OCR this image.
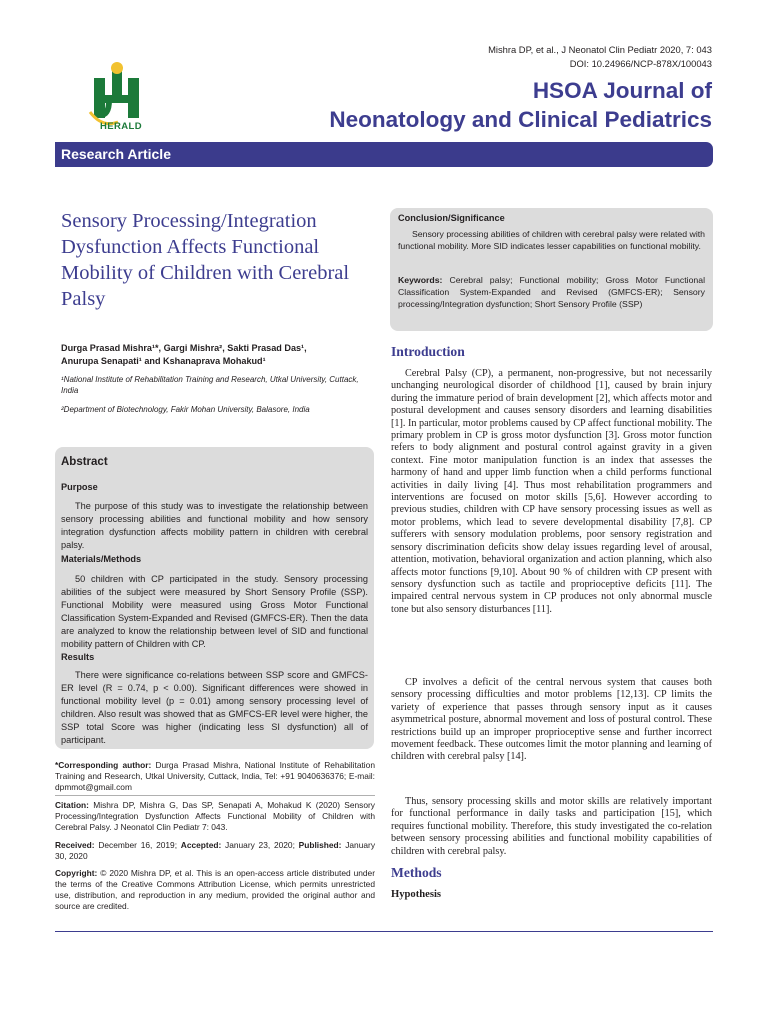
Mishra DP, et al., J Neonatol Clin Pediatr 2020, 7: 043
DOI: 10.24966/NCP-878X/100043
HERALD
HSOA Journal of
Neonatology and Clinical Pediatrics
Research Article
Sensory Processing/Integration Dysfunction Affects Functional Mobility of Children with Cerebral Palsy
Durga Prasad Mishra¹*, Gargi Mishra², Sakti Prasad Das¹,
Anurupa Senapati¹ and Kshanaprava Mohakud¹
¹National Institute of Rehabilitation Training and Research, Utkal University, Cuttack, India
²Department of Biotechnology, Fakir Mohan University, Balasore, India
Abstract
Purpose
The purpose of this study was to investigate the relationship between sensory processing abilities and functional mobility and how sensory integration dysfunction affects mobility pattern in children with cerebral palsy.
Materials/Methods
50 children with CP participated in the study. Sensory processing abilities of the subject were measured by Short Sensory Profile (SSP). Functional Mobility were measured using Gross Motor Functional Classification System-Expanded and Revised (GMFCS-ER). Then the data are analyzed to know the relationship between level of SID and functional mobility pattern of Children with CP.
Results
There were significance co-relations between SSP score and GMFCS-ER level (R = 0.74, p < 0.00). Significant differences were showed in functional mobility level (p = 0.01) among sensory processing level of children. Also result was showed that as GMFCS-ER level were higher, the SSP total Score was higher (indicating less SI dysfunction) all of participant.
*Corresponding author: Durga Prasad Mishra, National Institute of Rehabilitation Training and Research, Utkal University, Cuttack, India, Tel: +91 9040636376; E-mail: dpmmot@gmail.com
Citation: Mishra DP, Mishra G, Das SP, Senapati A, Mohakud K (2020) Sensory Processing/Integration Dysfunction Affects Functional Mobility of Children with Cerebral Palsy. J Neonatol Clin Pediatr 7: 043.
Received: December 16, 2019; Accepted: January 23, 2020; Published: January 30, 2020
Copyright: © 2020 Mishra DP, et al. This is an open-access article distributed under the terms of the Creative Commons Attribution License, which permits unrestricted use, distribution, and reproduction in any medium, provided the original author and source are credited.
Conclusion/Significance
Sensory processing abilities of children with cerebral palsy were related with functional mobility. More SID indicates lesser capabilities on functional mobility.
Keywords: Cerebral palsy; Functional mobility; Gross Motor Functional Classification System-Expanded and Revised (GMFCS-ER); Sensory processing/Integration dysfunction; Short Sensory Profile (SSP)
Introduction
Cerebral Palsy (CP), a permanent, non-progressive, but not necessarily unchanging neurological disorder of childhood [1], caused by brain injury during the immature period of brain development [2], which affects motor and postural development and causes sensory disorders and learning disabilities [1]. In particular, motor problems caused by CP affect functional mobility. The primary problem in CP is gross motor dysfunction [3]. Gross motor function refers to body alignment and postural control against gravity in a given context. Fine motor manipulation function is an index that assesses the harmony of hand and upper limb function when a child performs functional activities in daily living [4]. Thus most rehabilitation programmers and interventions are focused on motor skills [5,6]. However according to previous studies, children with CP have sensory processing issues as well as motor problems, which lead to severe developmental disability [7,8]. CP sufferers with sensory modulation problems, poor sensory registration and sensory discrimination deficits show delay issues regarding level of arousal, attention, motivation, behavioral organization and action planning, which also affects motor functions [9,10]. About 90 % of children with CP present with sensory dysfunction such as tactile and proprioceptive deficits [11]. The impaired central nervous system in CP produces not only abnormal muscle tone but also sensory disturbances [11].
CP involves a deficit of the central nervous system that causes both sensory processing difficulties and motor problems [12,13]. CP limits the variety of experience that passes through sensory input as it causes asymmetrical posture, abnormal movement and loss of postural control. These restrictions build up an improper proprioceptive sense and further incorrect movement feedback. These outcomes limit the motor planning and learning of children with cerebral palsy [14].
Thus, sensory processing skills and motor skills are relatively important for functional performance in daily tasks and participation [15], which requires functional mobility. Therefore, this study investigated the co-relation between sensory processing abilities and functional mobility capabilities of children with cerebral palsy.
Methods
Hypothesis
